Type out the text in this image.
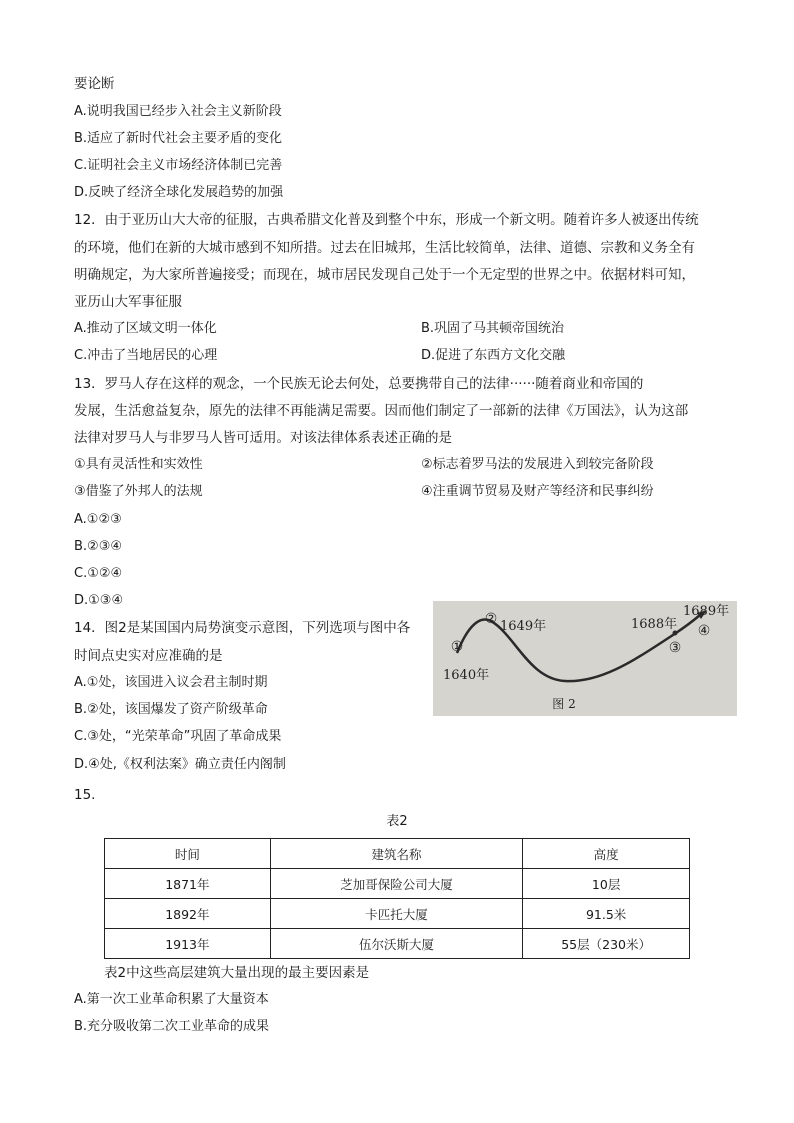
要论断
A.说明我国已经步入社会主义新阶段
B.适应了新时代社会主要矛盾的变化
C.证明社会主义市场经济体制已完善
D.反映了经济全球化发展趋势的加强
12．由于亚历山大大帝的征服，古典希腊文化普及到整个中东，形成一个新文明。随着许多人被逐出传统
的环境，他们在新的大城市感到不知所措。过去在旧城邦，生活比较简单，法律、道德、宗教和义务全有
明确规定，为大家所普遍接受；而现在，城市居民发现自己处于一个无定型的世界之中。依据材料可知，
亚历山大军事征服
A.推动了区域文明一体化	B.巩固了马其顿帝国统治
C.冲击了当地居民的心理	D.促进了东西方文化交融
13．罗马人存在这样的观念，一个民族无论去何处，总要携带自己的法律······随着商业和帝国的
发展，生活愈益复杂，原先的法律不再能满足需要。因而他们制定了一部新的法律《万国法》，认为这部
法律对罗马人与非罗马人皆可适用。对该法律体系表述正确的是
①具有灵活性和实效性	②标志着罗马法的发展进入到较完备阶段
③借鉴了外邦人的法规	④注重调节贸易及财产等经济和民事纠纷
A.①②③
B.②③④
C.①②④
D.①③④
14．图2是某国国内局势演变示意图，下列选项与图中各
时间点史实对应准确的是
A.①处，该国进入议会君主制时期
B.②处，该国爆发了资产阶级革命
C.③处，“光荣革命”巩固了革命成果
D.④处,《权利法案》确立责任内阁制
①
②
③
④
1640年
1649年	1688年
1689年
图 2
15.
表2
时间	建筑名称	高度
1871年	芝加哥保险公司大厦	10层
1892年	卡匹托大厦	91.5米
1913年	伍尔沃斯大厦	55层（230米）
表2中这些高层建筑大量出现的最主要因素是
A.第一次工业革命积累了大量资本
B.充分吸收第二次工业革命的成果
